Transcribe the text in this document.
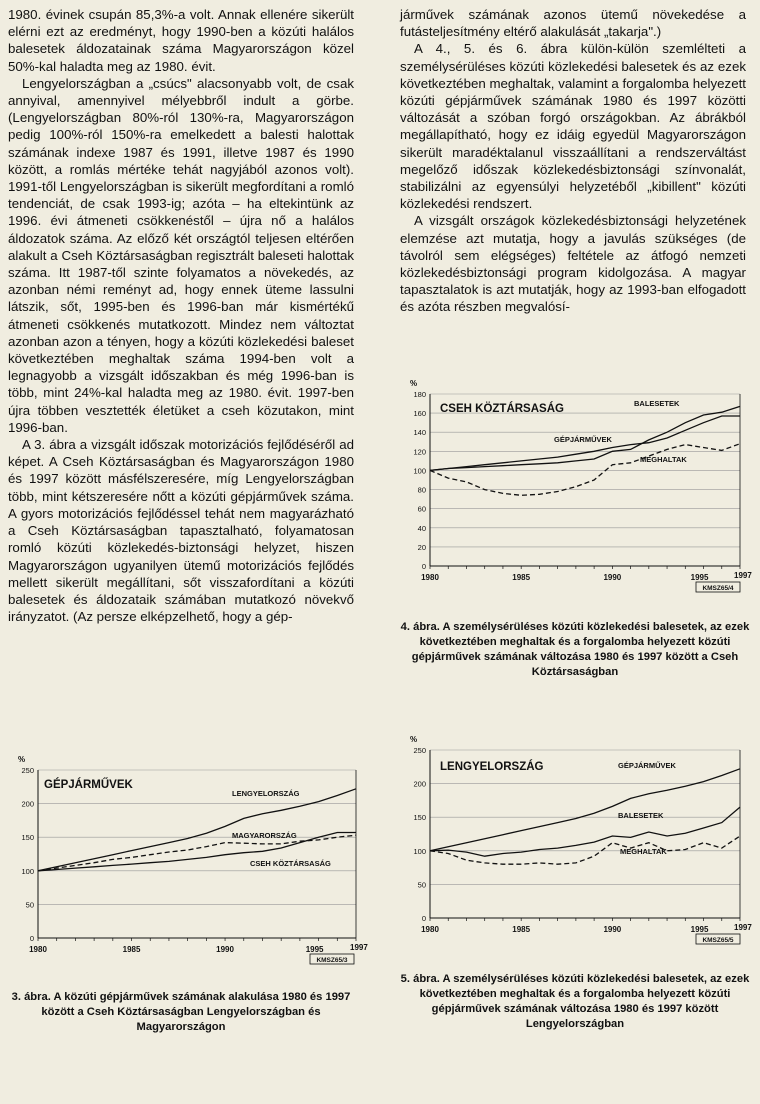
1980. évinek csupán 85,3%-a volt. Annak ellenére sikerült elérni ezt az eredményt, hogy 1990-ben a közúti halálos balesetek áldozatainak száma Magyarországon közel 50%-kal haladta meg az 1980. évit.

Lengyelországban a „csúcs" alacsonyabb volt, de csak annyival, amennyivel mélyebbről indult a görbe. (Lengyelországban 80%-ról 130%-ra, Magyarországon pedig 100%-ról 150%-ra emelkedett a balesti halottak számának indexe 1987 és 1991, illetve 1987 és 1990 között, a romlás mértéke tehát nagyjából azonos volt). 1991-től Lengyelországban is sikerült megfordítani a romló tendenciát, de csak 1993-ig; azóta – ha eltekintünk az 1996. évi átmeneti csökkenéstől – újra nő a halálos áldozatok száma. Az előző két országtól teljesen eltérően alakult a Cseh Köztársaságban regisztrált baleseti halottak száma. Itt 1987-től szinte folyamatos a növekedés, az azonban némi reményt ad, hogy ennek üteme lassulni látszik, sőt, 1995-ben és 1996-ban már kismértékű átmeneti csökkenés mutatkozott. Mindez nem változtat azonban azon a tényen, hogy a közúti közlekedési baleset következtében meghaltak száma 1994-ben volt a legnagyobb a vizsgált időszakban és még 1996-ban is több, mint 24%-kal haladta meg az 1980. évit. 1997-ben újra többen vesztették életüket a cseh közutakon, mint 1996-ban.

A 3. ábra a vizsgált időszak motorizációs fejlődéséről ad képet. A Cseh Köztársaságban és Magyarországon 1980 és 1997 között másfélszeresére, míg Lengyelországban több, mint kétszeresére nőtt a közúti gépjárművek száma. A gyors motorizációs fejlődéssel tehát nem magyarázható a Cseh Köztársaságban tapasztalható, folyamatosan romló közúti közlekedés-biztonsági helyzet, hiszen Magyarországon ugyanilyen ütemű motorizációs fejlődés mellett sikerült megállítani, sőt visszafordítani a közúti balesetek és áldozataik számában mutatkozó növekvő irányzatot. (Az persze elképzelhető, hogy a gép-

járművek számának azonos ütemű növekedése a futásteljesítmény eltérő alakulását „takarja".)

A 4., 5. és 6. ábra külön-külön szemlélteti a személysérüléses közúti közlekedési balesetek és az ezek következtében meghaltak, valamint a forgalomba helyezett közúti gépjárművek számának 1980 és 1997 közötti változását a szóban forgó országokban. Az ábrákból megállapítható, hogy ez idáig egyedül Magyarországon sikerült maradéktalanul visszaállítani a rendszerváltást megelőző időszak közlekedésbiztonsági színvonalát, stabilizálni az egyensúlyi helyzetéből „kibillent" közúti közlekedési rendszert.

A vizsgált országok közlekedésbiztonsági helyzetének elemzése azt mutatja, hogy a javulás szükséges (de távolról sem elégséges) feltétele az átfogó nemzeti közlekedésbiztonsági program kidolgozása. A magyar tapasztalatok is azt mutatják, hogy az 1993-ban elfogadott és azóta részben megvalósí-

0
20
40
60
80
100
120
140
160
180
%
1980	1985	1990	1995	1997
BALESETEK
GÉPJÁRMŰVEK
MEGHALTAK
CSEH KÖZTÁRSASÁG
KMSZ65/4
4. ábra. A személysérüléses közúti közlekedési balesetek, az ezek következtében meghaltak és a forgalomba helyezett közúti gépjárművek számának változása 1980 és 1997 között a Cseh Köztársaságban
0
50
100
150
200
250
%
1980	1985	1990	1995	1997
GÉPJÁRMŰVEK
BALESETEK
MEGHALTAK
LENGYELORSZÁG
KMSZ65/5
5. ábra. A személysérüléses közúti közlekedési balesetek, az ezek következtében meghaltak és a forgalomba helyezett közúti gépjárművek számának változása 1980 és 1997 között Lengyelországban
0
50
100
150
200
250
%
1980	1985	1990	1995	1997
LENGYELORSZÁG
MAGYARORSZÁG
CSEH KÖZTÁRSASÁG
GÉPJÁRMŰVEK
KMSZ65/3
3. ábra. A közúti gépjárművek számának alakulása 1980 és 1997 között a Cseh Köztársaságban Lengyelországban és Magyarországon
